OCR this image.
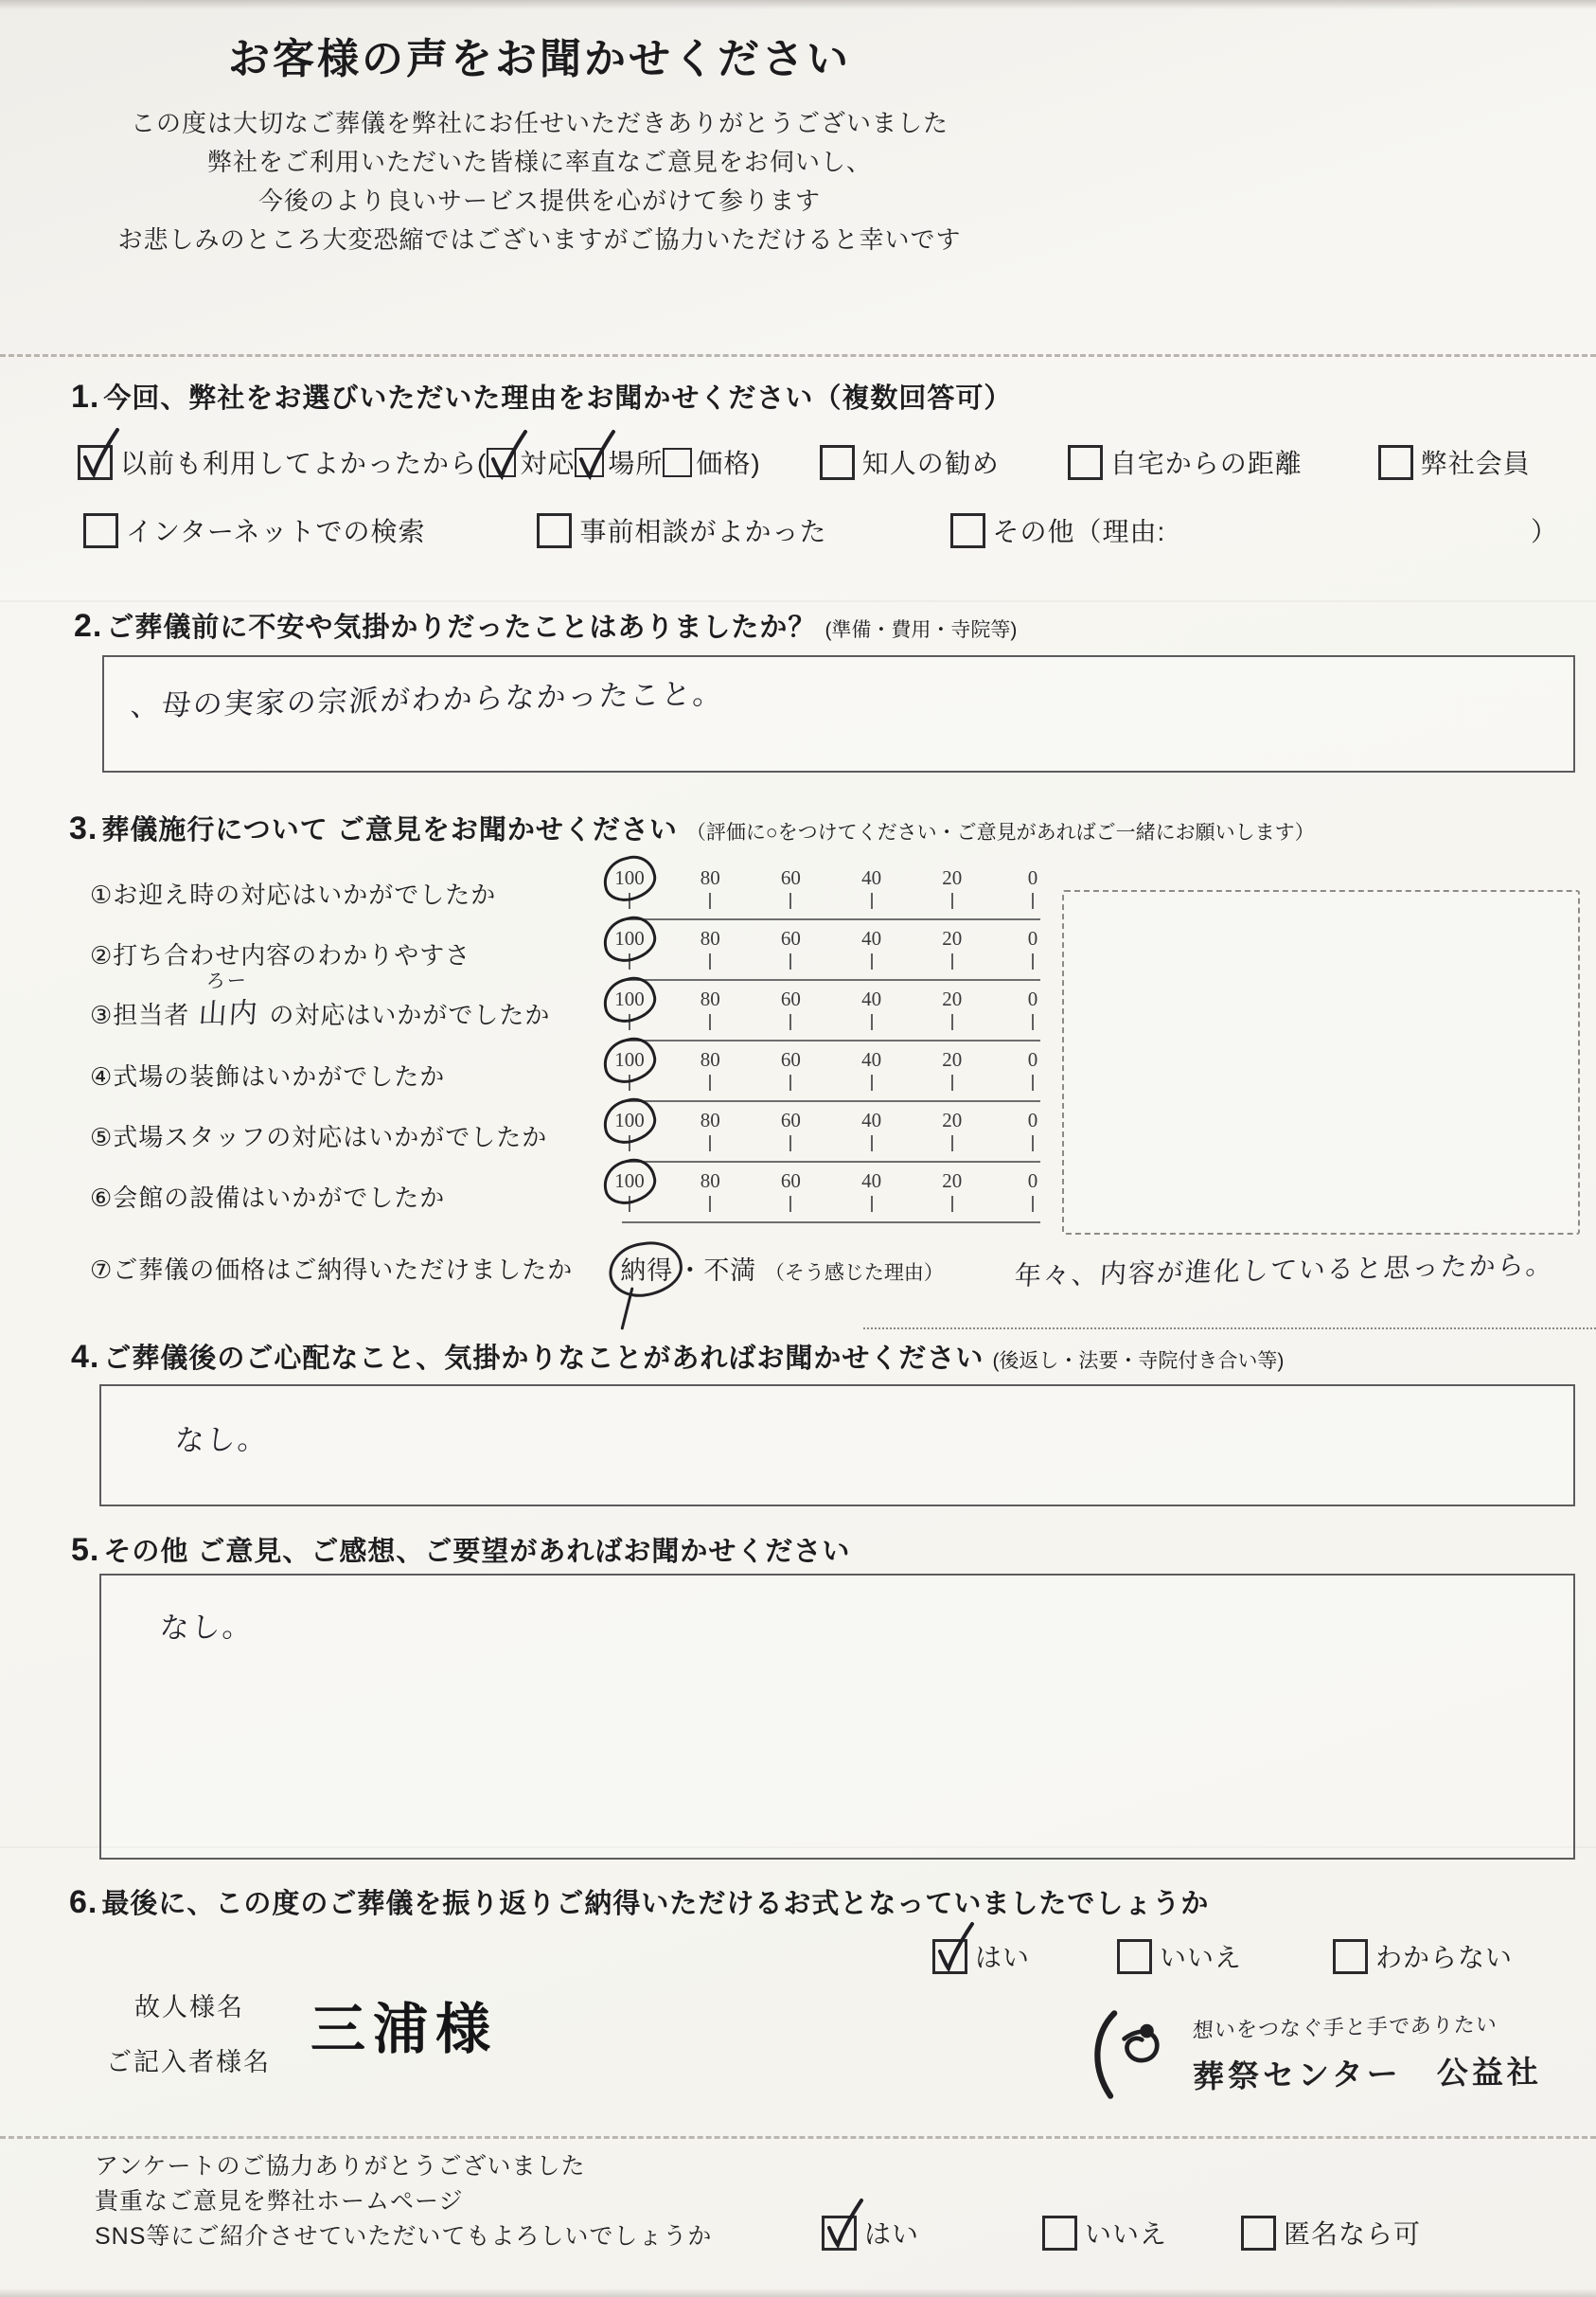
お客様の声をお聞かせください

この度は大切なご葬儀を弊社にお任せいただきありがとうございました
弊社をご利用いただいた皆様に率直なご意見をお伺いし、
今後のより良いサービス提供を心がけて参ります
お悲しみのところ大変恐縮ではございますがご協力いただけると幸いです

1. 今回、弊社をお選びいただいた理由をお聞かせください（複数回答可）
以前も利用してよかったから( 対応 場所 価格)	知人の勧め	自宅からの距離	弊社会員
インターネットでの検索	事前相談がよかった	その他（理由:	）
2. ご葬儀前に不安や気掛かりだったことはありましたか？ (準備・費用・寺院等)
、母の実家の宗派がわからなかったこと。
3. 葬儀施行について ご意見をお聞かせください （評価に○をつけてください・ご意見があればご一緒にお願いします）
①お迎え時の対応はいかがでしたか
100	80	60	40	20	0
②打ち合わせ内容のわかりやすさ
100	80	60	40	20	0
③担当者
ろー
山内 の対応はいかがでしたか
100	80	60	40	20	0
④式場の装飾はいかがでしたか
100	80	60	40	20	0
⑤式場スタッフの対応はいかがでしたか
100	80	60	40	20	0
⑥会館の設備はいかがでしたか
100	80	60	40	20	0
⑦ご葬儀の価格はご納得いただけましたか 納得 ・不満 （そう感じた理由）	年々、内容が進化していると思ったから。
4. ご葬儀後のご心配なこと、気掛かりなことがあればお聞かせください (後返し・法要・寺院付き合い等)
なし。
5. その他 ご意見、ご感想、ご要望があればお聞かせください
なし。
6. 最後に、この度のご葬儀を振り返りご納得いただけるお式となっていましたでしょうか
はい	いいえ	わからない
故人様名
ご記入者様名
三浦様	想いをつなぐ手と手でありたい
葬祭センター　公益社
アンケートのご協力ありがとうございました
貴重なご意見を弊社ホームページ
SNS等にご紹介させていただいてもよろしいでしょうか	はい	いいえ	匿名なら可
